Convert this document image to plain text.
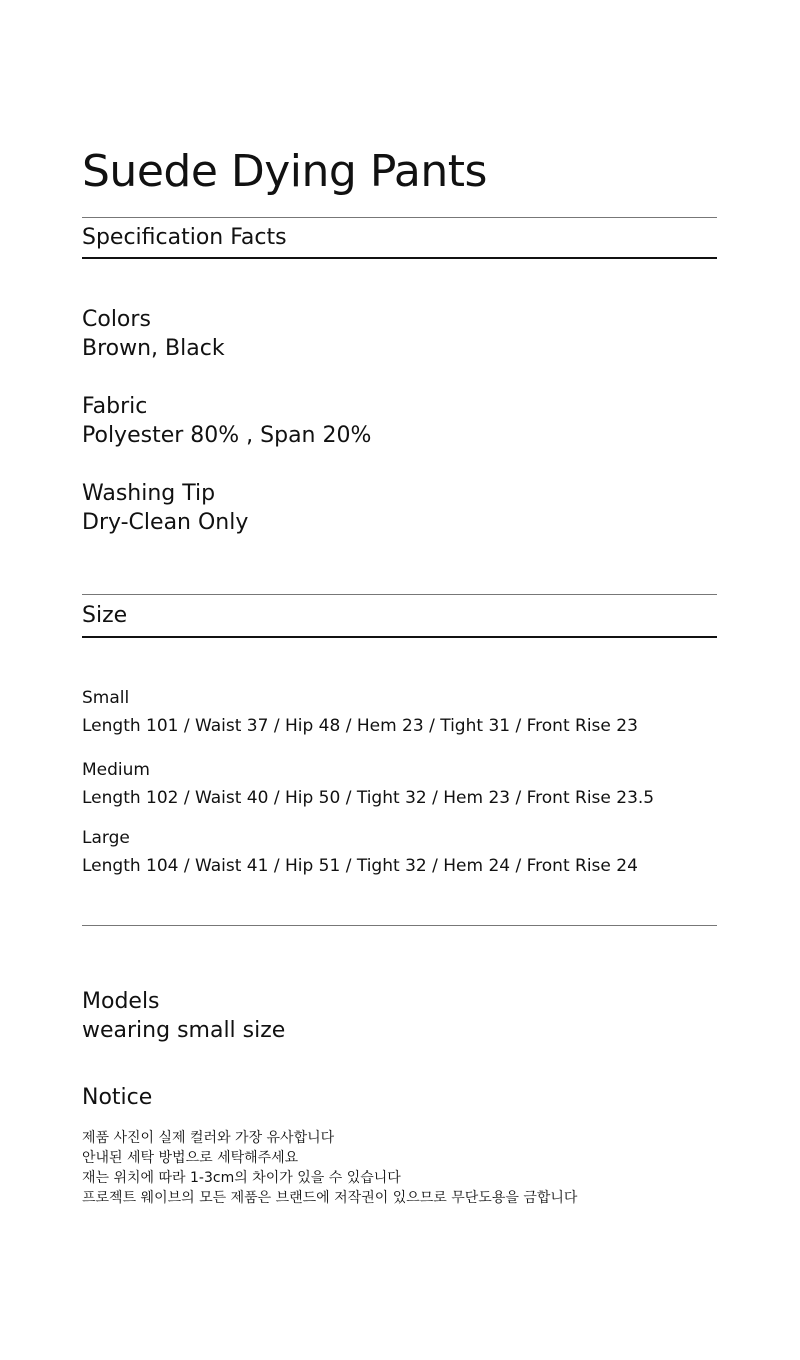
Suede Dying Pants
Specification Facts
Colors
Brown, Black
Fabric
Polyester 80% , Span 20%
Washing Tip
Dry-Clean Only
Size
Small
Length 101 / Waist 37 / Hip 48 / Hem 23 / Tight 31 / Front Rise 23
Medium
Length 102 / Waist 40 / Hip 50 / Tight 32 / Hem 23 / Front Rise 23.5
Large
Length 104 / Waist 41 / Hip 51 / Tight 32 / Hem 24 / Front Rise 24
Models
wearing small size
Notice
제품 사진이 실제 컬러와 가장 유사합니다
안내된 세탁 방법으로 세탁해주세요
재는 위치에 따라 1-3cm의 차이가 있을 수 있습니다
프로젝트 웨이브의 모든 제품은 브랜드에 저작권이 있으므로 무단도용을 금합니다
